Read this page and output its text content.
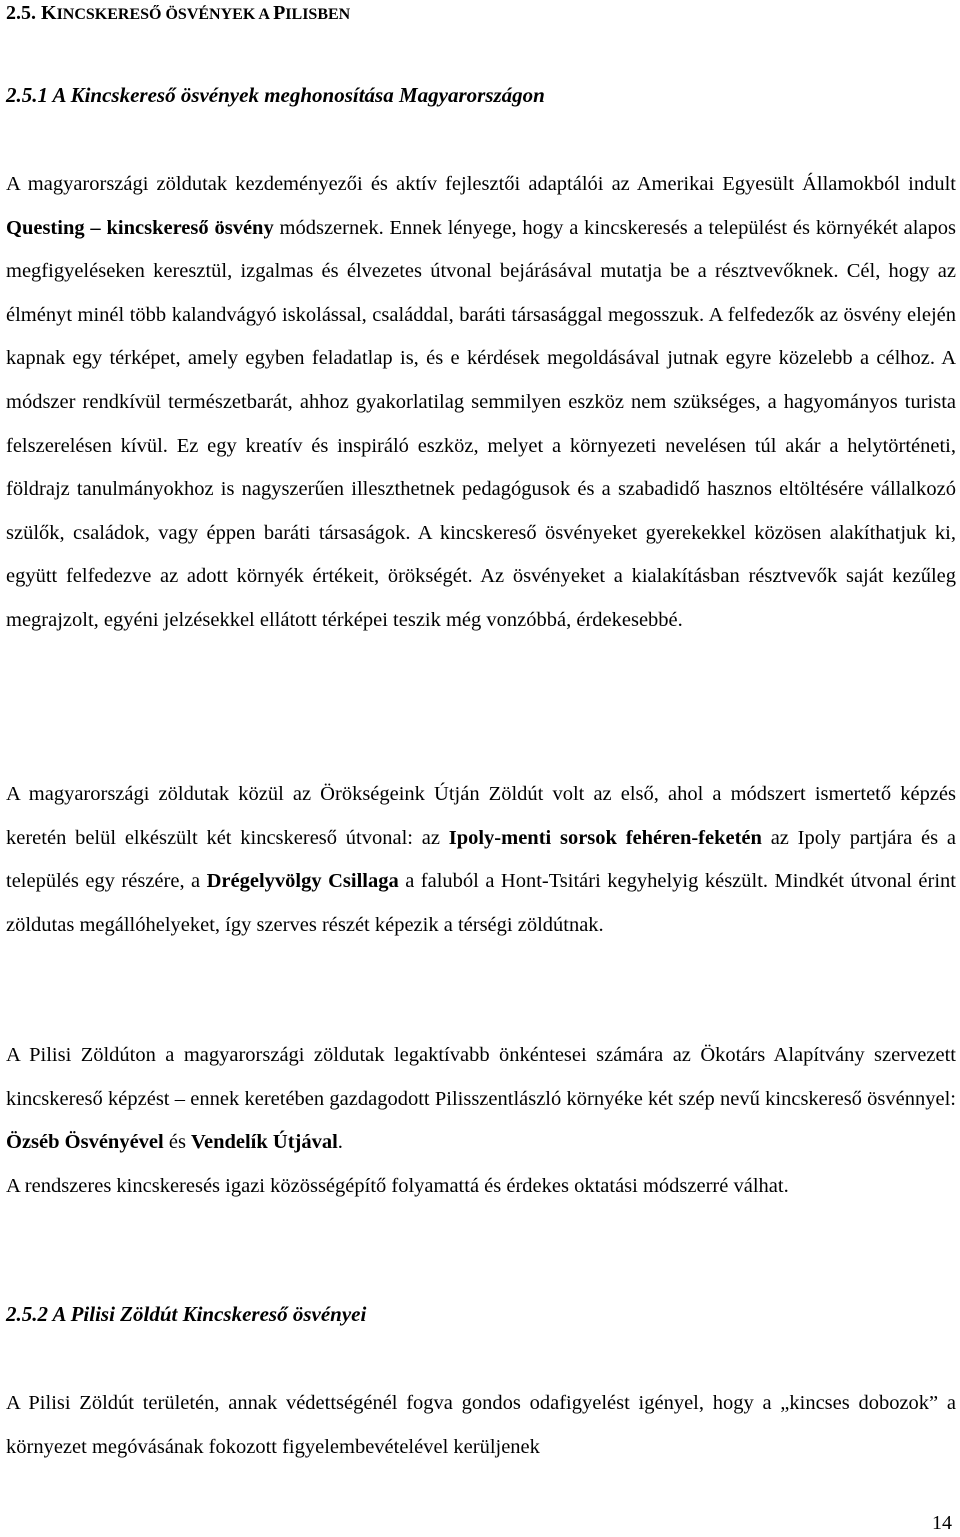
2.5. KINCSKERESŐ ÖSVÉNYEK A PILISBEN
2.5.1 A Kincskereső ösvények meghonosítása Magyarországon

A magyarországi zöldutak kezdeményezői és aktív fejlesztői adaptálói az Amerikai Egyesült Államokból indult Questing – kincskereső ösvény módszernek. Ennek lényege, hogy a kincskeresés a települést és környékét alapos megfigyeléseken keresztül, izgalmas és élvezetes útvonal bejárásával mutatja be a résztvevőknek. Cél, hogy az élményt minél több kalandvágyó iskolással, családdal, baráti társasággal megosszuk. A felfedezők az ösvény elején kapnak egy térképet, amely egyben feladatlap is, és e kérdések megoldásával jutnak egyre közelebb a célhoz. A módszer rendkívül természetbarát, ahhoz gyakorlatilag semmilyen eszköz nem szükséges, a hagyományos turista felszerelésen kívül. Ez egy kreatív és inspiráló eszköz, melyet a környezeti nevelésen túl akár a helytörténeti, földrajz tanulmányokhoz is nagyszerűen illeszthetnek pedagógusok és a szabadidő hasznos eltöltésére vállalkozó szülők, családok, vagy éppen baráti társaságok. A kincskereső ösvényeket gyerekekkel közösen alakíthatjuk ki, együtt felfedezve az adott környék értékeit, örökségét. Az ösvényeket a kialakításban résztvevők saját kezűleg megrajzolt, egyéni jelzésekkel ellátott térképei teszik még vonzóbbá, érdekesebbé.

A magyarországi zöldutak közül az Örökségeink Útján Zöldút volt az első, ahol a módszert ismertető képzés keretén belül elkészült két kincskereső útvonal: az Ipoly-menti sorsok fehéren-feketén az Ipoly partjára és a település egy részére, a Drégelyvölgy Csillaga a faluból a Hont-Tsitári kegyhelyig készült. Mindkét útvonal érint zöldutas megállóhelyeket, így szerves részét képezik a térségi zöldútnak.

A Pilisi Zöldúton a magyarországi zöldutak legaktívabb önkéntesei számára az Ökotárs Alapítvány szervezett kincskereső képzést – ennek keretében gazdagodott Pilisszentlászló környéke két szép nevű kincskereső ösvénnyel: Özséb Ösvényével és Vendelík Útjával.

A rendszeres kincskeresés igazi közösségépítő folyamattá és érdekes oktatási módszerré válhat.

2.5.2 A Pilisi Zöldút Kincskereső ösvényei

A Pilisi Zöldút területén, annak védettségénél fogva gondos odafigyelést igényel, hogy a „kincses dobozok” a környezet megóvásának fokozott figyelembevételével kerüljenek

14
